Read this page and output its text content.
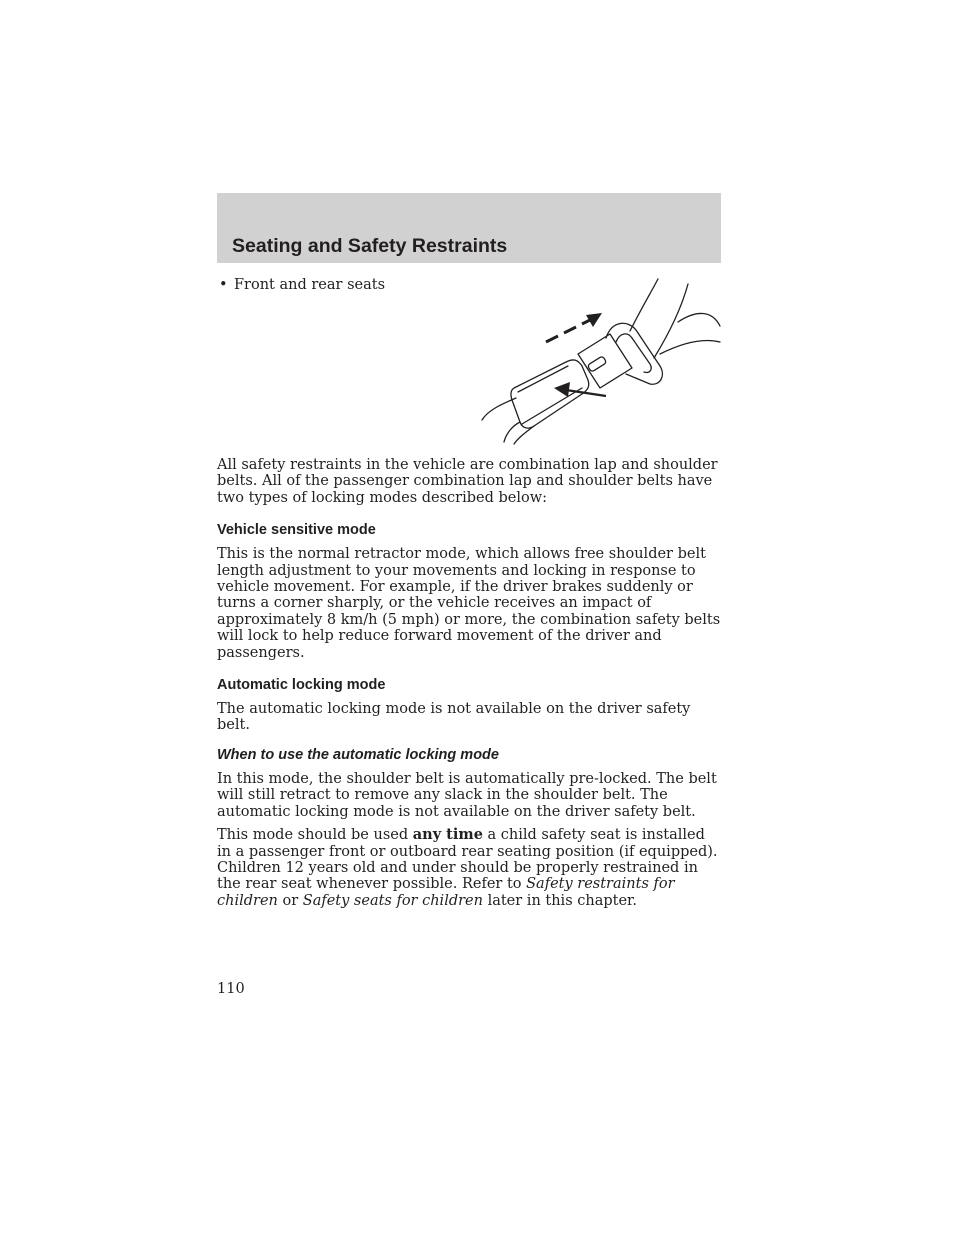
Seating and Safety Restraints
• Front and rear seats

All safety restraints in the vehicle are combination lap and shoulder belts. All of the passenger combination lap and shoulder belts have two types of locking modes described below:

Vehicle sensitive mode

This is the normal retractor mode, which allows free shoulder belt length adjustment to your movements and locking in response to vehicle movement. For example, if the driver brakes suddenly or turns a corner sharply, or the vehicle receives an impact of approximately 8 km/h (5 mph) or more, the combination safety belts will lock to help reduce forward movement of the driver and passengers.

Automatic locking mode

The automatic locking mode is not available on the driver safety belt.

When to use the automatic locking mode

In this mode, the shoulder belt is automatically pre-locked. The belt will still retract to remove any slack in the shoulder belt. The automatic locking mode is not available on the driver safety belt.

This mode should be used any time a child safety seat is installed in a passenger front or outboard rear seating position (if equipped). Children 12 years old and under should be properly restrained in the rear seat whenever possible. Refer to Safety restraints for children or Safety seats for children later in this chapter.

110
